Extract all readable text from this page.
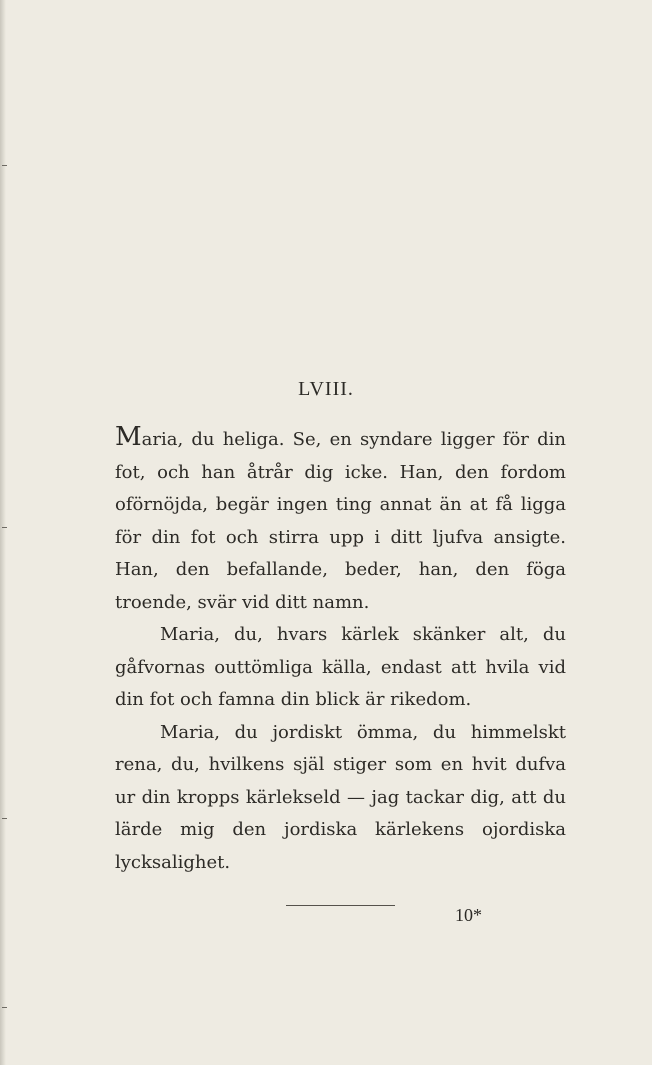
LVIII.

Maria, du heliga. Se, en syndare ligger för din fot, och han åtrår dig icke. Han, den fordom oförnöjda, begär ingen ting annat än at få ligga för din fot och stirra upp i ditt ljufva ansigte. Han, den befallande, beder, han, den föga troende, svär vid ditt namn.

Maria, du, hvars kärlek skänker alt, du gåfvornas outtömliga källa, endast att hvila vid din fot och famna din blick är rikedom.

Maria, du jordiskt ömma, du himmelskt rena, du, hvilkens själ stiger som en hvit dufva ur din kropps kärlekseld — jag tackar dig, att du lärde mig den jordiska kärlekens ojordiska lycksalighet.

10*
